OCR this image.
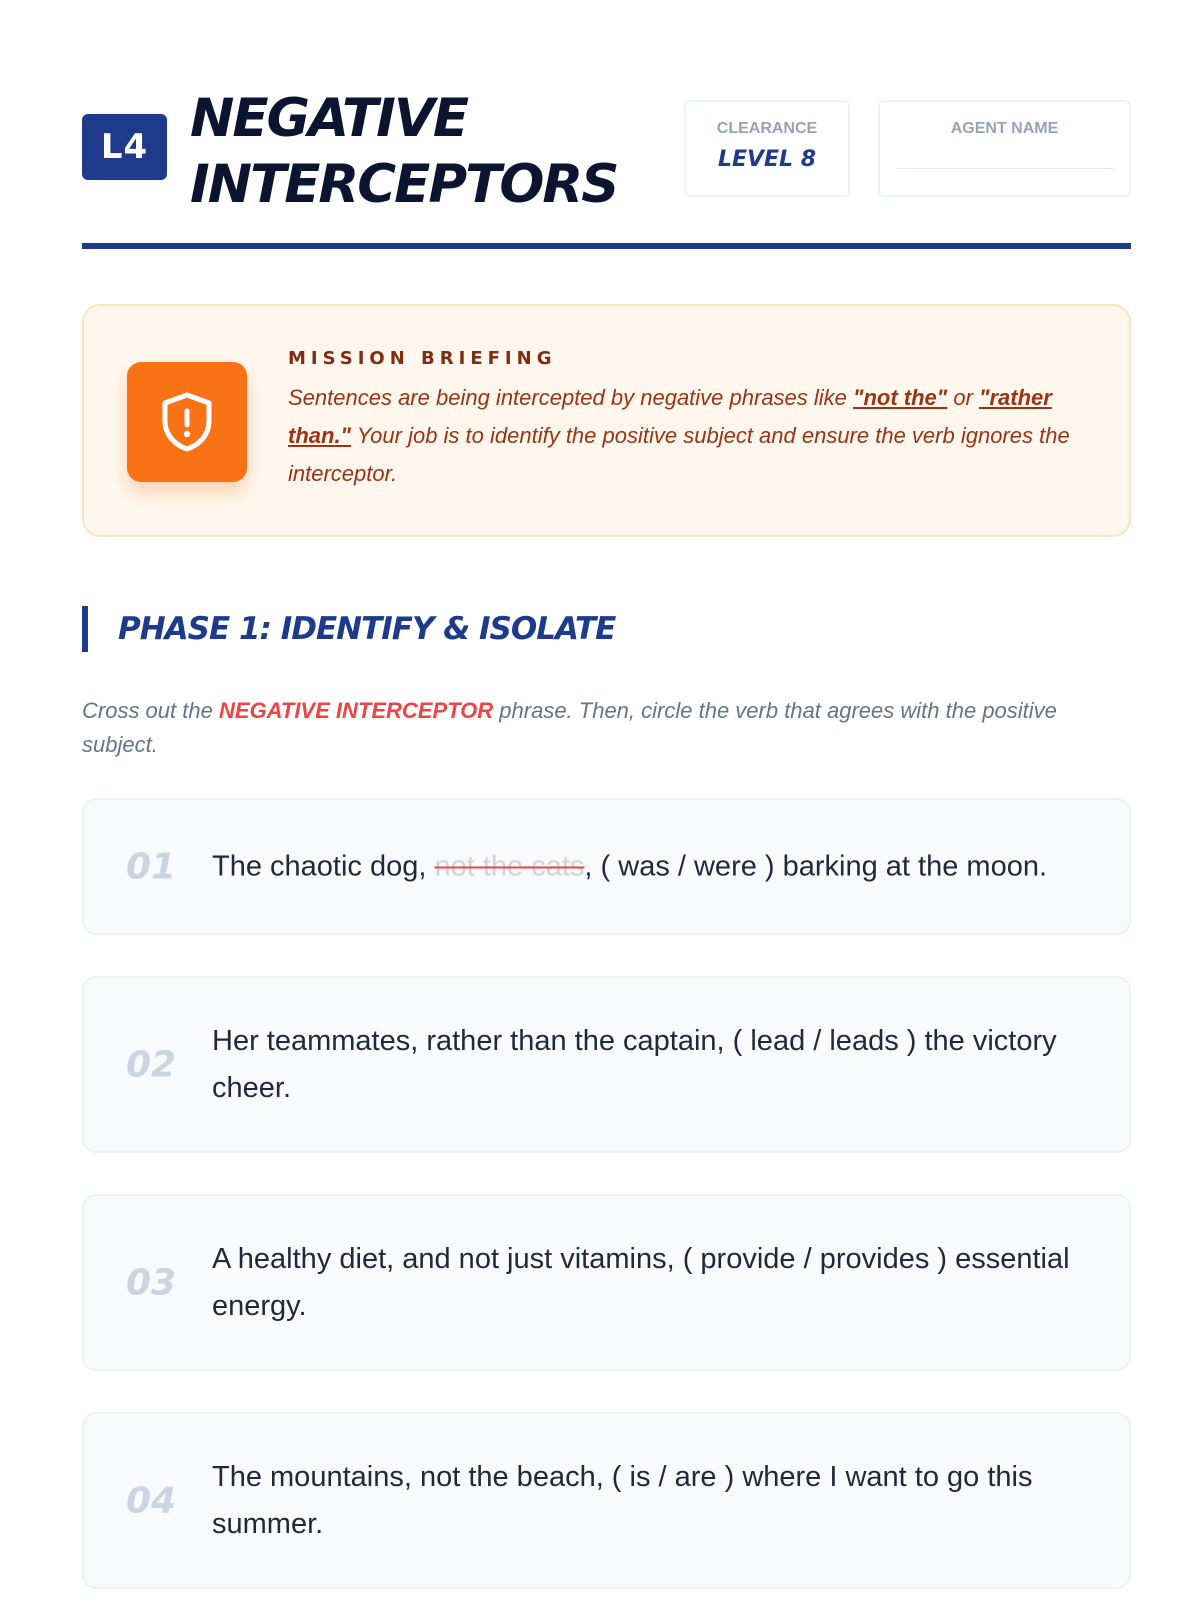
L4 NEGATIVE
INTERCEPTORS
CLEARANCE
LEVEL 8
AGENT NAME
MISSION BRIEFING

Sentences are being intercepted by negative phrases like "not the" or "rather than." Your job is to identify the positive subject and ensure the verb ignores the interceptor.

PHASE 1: IDENTIFY & ISOLATE

Cross out the NEGATIVE INTERCEPTOR phrase. Then, circle the verb that agrees with the positive subject.

01 The chaotic dog, not the cats, ( was / were ) barking at the moon.
02
Her teammates, rather than the captain, ( lead / leads ) the victory cheer.
03
A healthy diet, and not just vitamins, ( provide / provides ) essential energy.
04
The mountains, not the beach, ( is / are ) where I want to go this summer.
